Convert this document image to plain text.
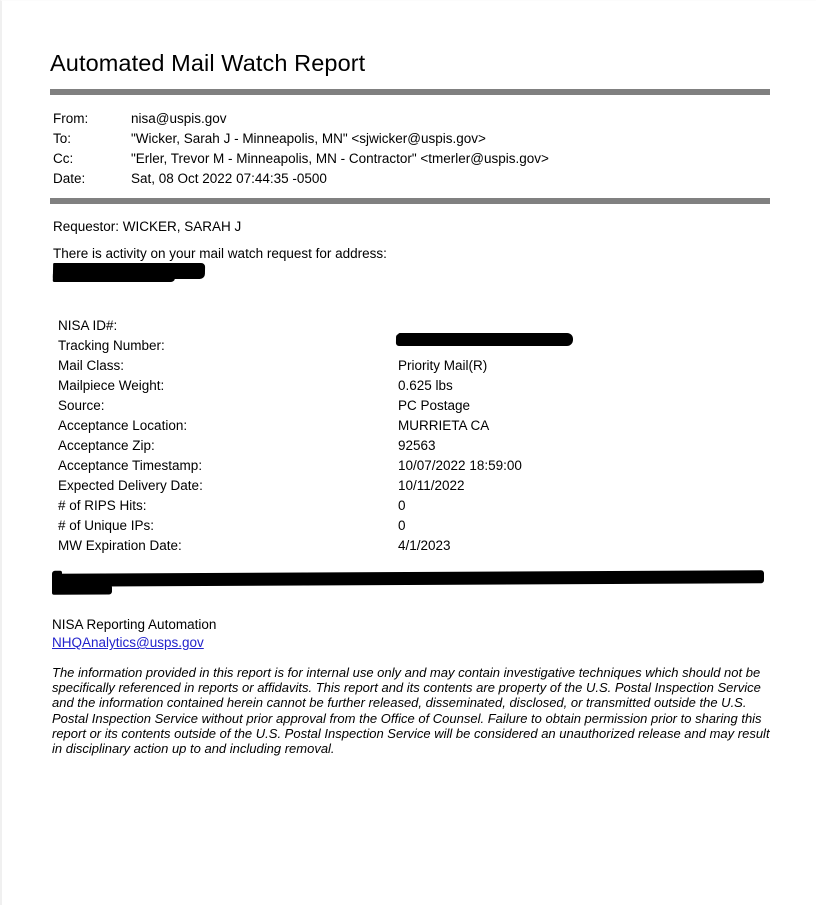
Automated Mail Watch Report
From:	nisa@uspis.gov
To:	"Wicker, Sarah J - Minneapolis, MN" <sjwicker@uspis.gov>
Cc:	"Erler, Trevor M - Minneapolis, MN - Contractor" <tmerler@uspis.gov>
Date:	Sat, 08 Oct 2022 07:44:35 -0500
Requestor: WICKER, SARAH J
There is activity on your mail watch request for address:
NISA ID#:
Tracking Number:
Mail Class:	Priority Mail(R)
Mailpiece Weight:	0.625 lbs
Source:	PC Postage
Acceptance Location:	MURRIETA CA
Acceptance Zip:	92563
Acceptance Timestamp:	10/07/2022 18:59:00
Expected Delivery Date:	10/11/2022
# of RIPS Hits:	0
# of Unique IPs:	0
MW Expiration Date:	4/1/2023
NISA Reporting Automation
NHQAnalytics@usps.gov
The information provided in this report is for internal use only and may contain investigative techniques which should not be specifically referenced in reports or affidavits. This report and its contents are property of the U.S. Postal Inspection Service and the information contained herein cannot be further released, disseminated, disclosed, or transmitted outside the U.S. Postal Inspection Service without prior approval from the Office of Counsel. Failure to obtain permission prior to sharing this report or its contents outside of the U.S. Postal Inspection Service will be considered an unauthorized release and may result in disciplinary action up to and including removal.
